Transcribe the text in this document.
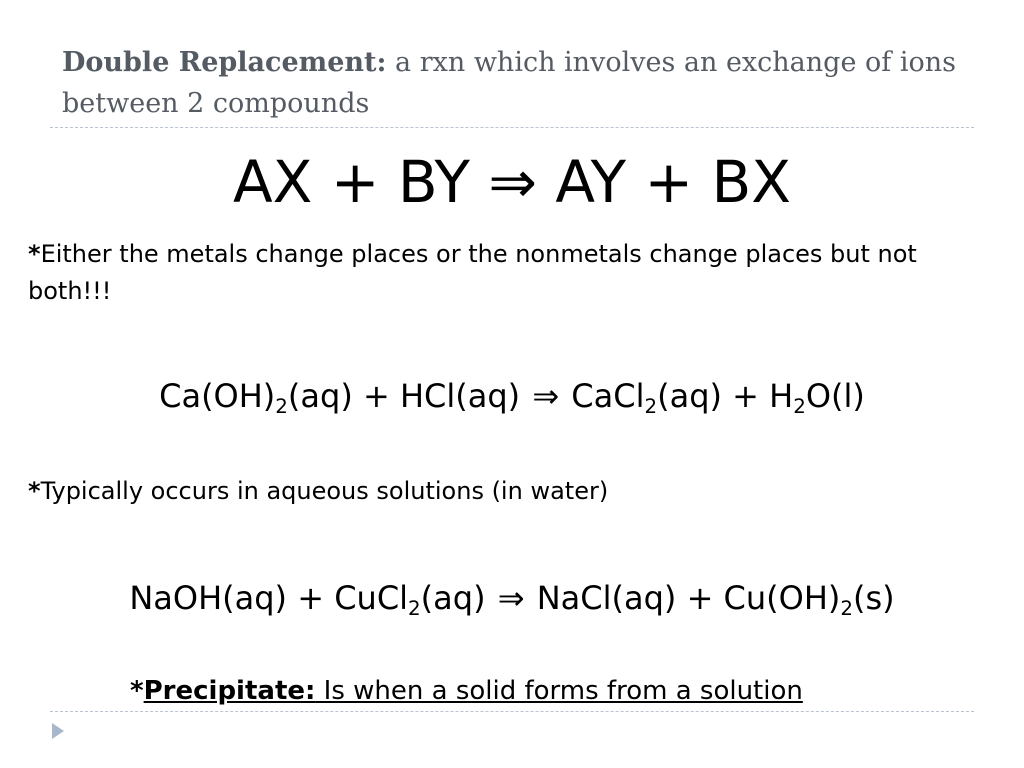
Double Replacement: a rxn which involves an exchange of ions between 2 compounds
AX + BY ⇒ AY + BX
*Either the metals change places or the nonmetals change places but not both!!!
$Ca(OH)_2(aq) + HCl(aq)$ ⇒ CaCl$_2$(aq) + $H_2O(l)$
*Typically occurs in aqueous solutions (in water)
NaOH(aq) + CuCl$_2$(aq) ⇒ NaCl(aq) + $Cu(OH)_2(s)$
*Precipitate: Is when a solid forms from a solution
